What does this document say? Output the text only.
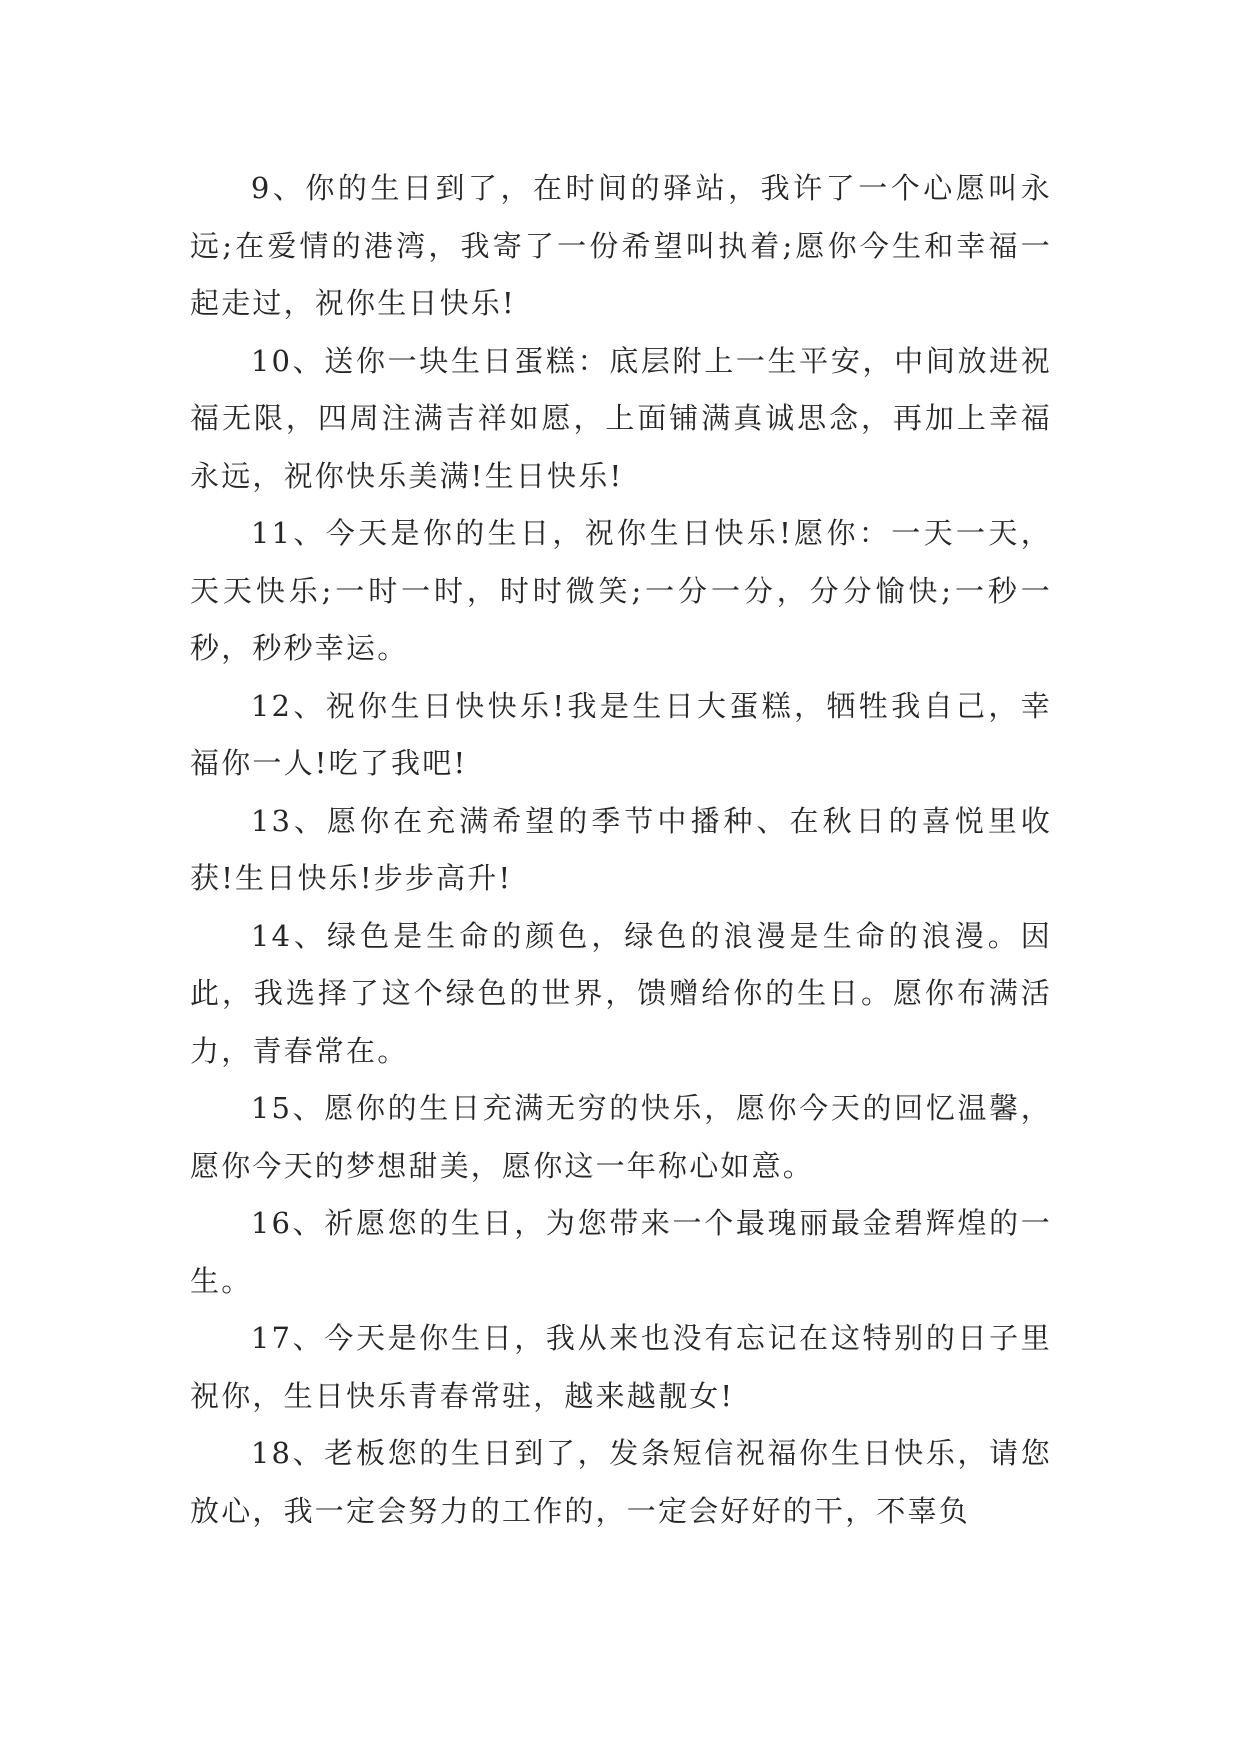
9、你的生日到了，在时间的驿站，我许了一个心愿叫永远;在爱情的港湾，我寄了一份希望叫执着;愿你今生和幸福一起走过，祝你生日快乐!

10、送你一块生日蛋糕：底层附上一生平安，中间放进祝福无限，四周注满吉祥如愿，上面铺满真诚思念，再加上幸福永远，祝你快乐美满!生日快乐!

11、今天是你的生日，祝你生日快乐!愿你：一天一天，天天快乐;一时一时，时时微笑;一分一分，分分愉快;一秒一秒，秒秒幸运。

12、祝你生日快快乐!我是生日大蛋糕，牺牲我自己，幸福你一人!吃了我吧!

13、愿你在充满希望的季节中播种、在秋日的喜悦里收获!生日快乐!步步高升!

14、绿色是生命的颜色，绿色的浪漫是生命的浪漫。因此，我选择了这个绿色的世界，馈赠给你的生日。愿你布满活力，青春常在。

15、愿你的生日充满无穷的快乐，愿你今天的回忆温馨，愿你今天的梦想甜美，愿你这一年称心如意。

16、祈愿您的生日，为您带来一个最瑰丽最金碧辉煌的一生。

17、今天是你生日，我从来也没有忘记在这特别的日子里祝你，生日快乐青春常驻，越来越靓女!

18、老板您的生日到了，发条短信祝福你生日快乐，请您放心，我一定会努力的工作的，一定会好好的干，不辜负
